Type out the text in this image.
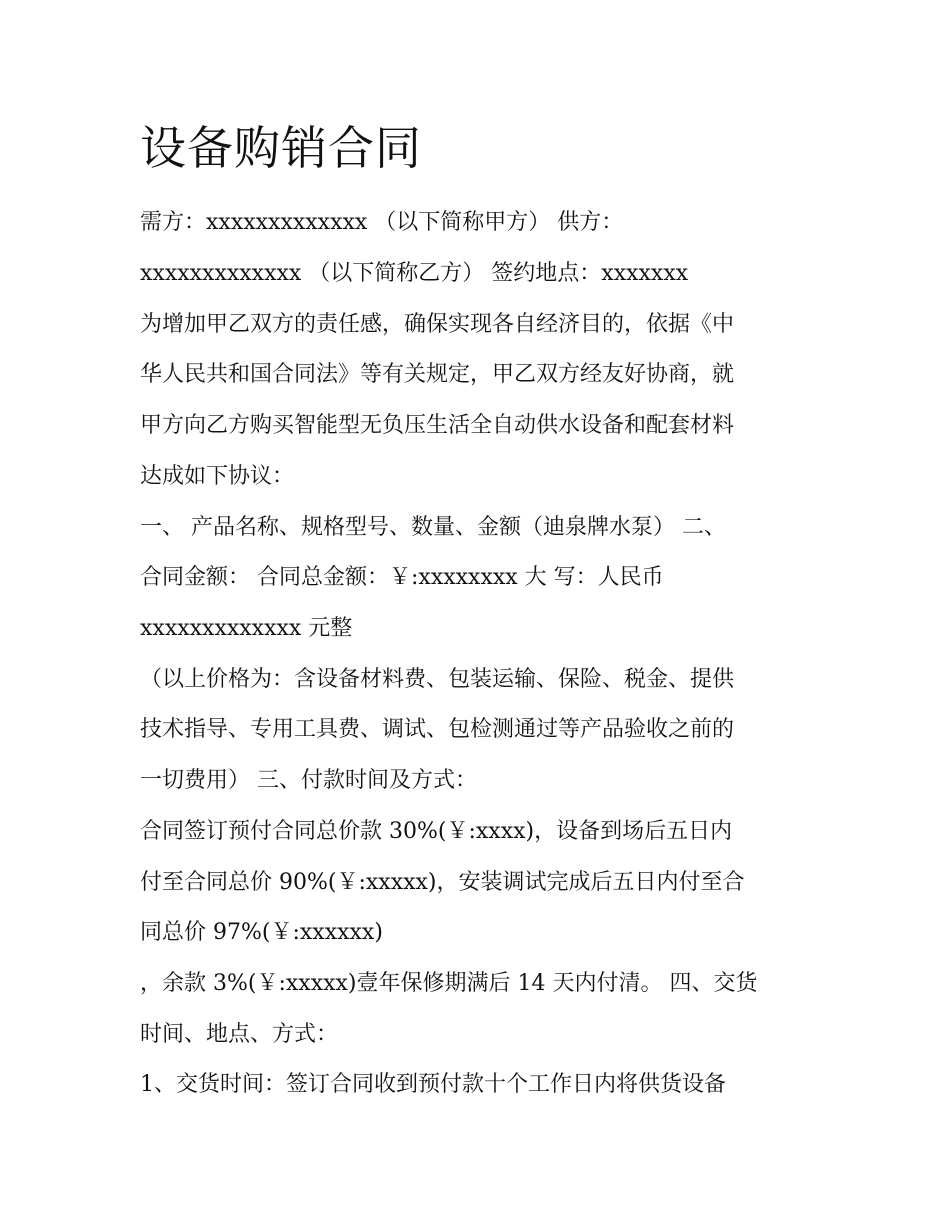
设备购销合同

需方：xxxxxxxxxxxxx （以下简称甲方） 供方：

xxxxxxxxxxxxx （以下简称乙方） 签约地点：xxxxxxx

为增加甲乙双方的责任感，确保实现各自经济目的，依据《中

华人民共和国合同法》等有关规定，甲乙双方经友好协商，就

甲方向乙方购买智能型无负压生活全自动供水设备和配套材料

达成如下协议：

一、 产品名称、规格型号、数量、金额（迪泉牌水泵） 二、

合同金额： 合同总金额：￥:xxxxxxxx 大 写：人民币

xxxxxxxxxxxxx 元整

（以上价格为：含设备材料费、包装运输、保险、税金、提供

技术指导、专用工具费、调试、包检测通过等产品验收之前的

一切费用） 三、付款时间及方式：

合同签订预付合同总价款 30%(￥:xxxx)，设备到场后五日内

付至合同总价 90%(￥:xxxxx)，安装调试完成后五日内付至合

同总价 97%(￥:xxxxxx)

，余款 3%(￥:xxxxx)壹年保修期满后 14 天内付清。 四、交货

时间、地点、方式：

1、交货时间：签订合同收到预付款十个工作日内将供货设备
